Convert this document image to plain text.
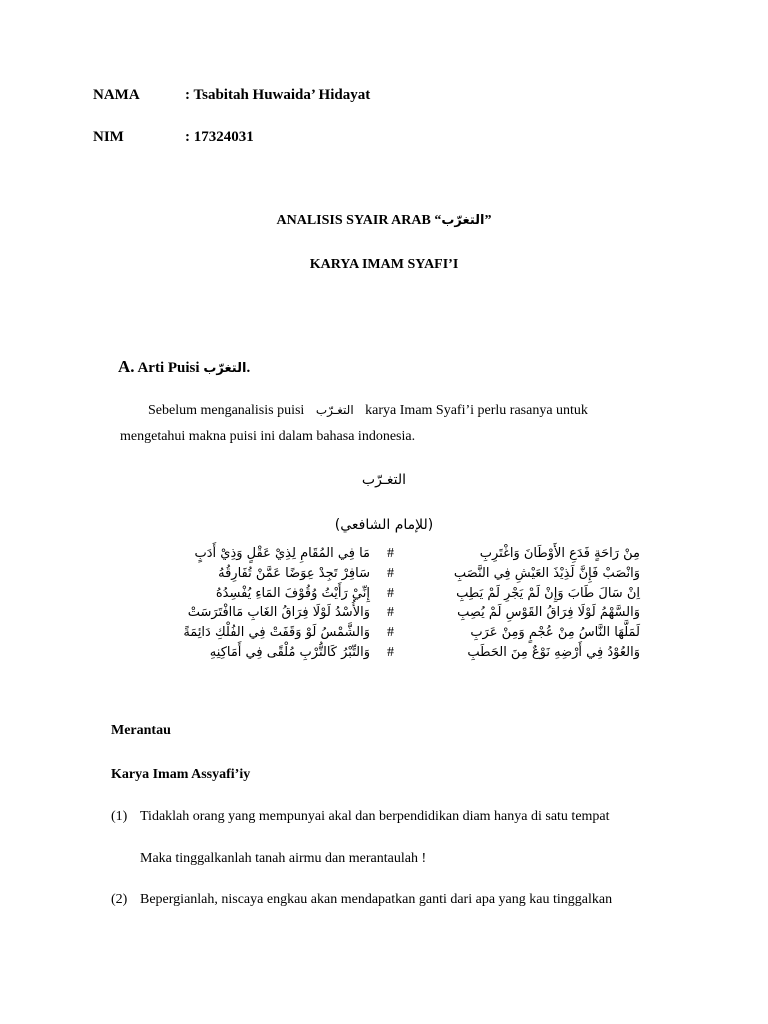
NAMA	: Tsabitah Huwaida’ Hidayat
NIM	: 17324031
ANALISIS SYAIR ARAB “التغرّب”
KARYA IMAM SYAFI’I
A. Arti Puisi التغرّب.
Sebelum menganalisis puisi التغـرّب karya Imam Syafi’i perlu rasanya untuk
mengetahui makna puisi ini dalam bahasa indonesia.
التغـرّب
(للإمام الشافعي)
مَا فِي المُقَامِ لِذِيْ عَقْلٍ وَذِيْ أَدَبٍ #	مِنْ رَاحَةٍ فَدَعِ الأَوْطَانَ وَاغْتَرِبِ
سَافِرْ تَجِدْ عِوَضًا عَمَّنْ تُفَارِقُهُ #	وَانْصَبْ فَإِنَّ لَذِيْذَ العَيْشِ فِي النَّصَبِ
إِنِّيْ رَأَيْتُ وُقُوْفَ المَاءِ يُفْسِدُهُ #	اِنْ سَالَ طَابَ وَإِنْ لَمْ يَجْرِ لَمْ يَطِبِ
وَالأُسْدُ لَوْلَا فِرَاقُ الغَابِ مَاافْتَرَسَتْ #	وَالسَّهْمُ لَوْلَا فِرَاقُ القَوْسِ لَمْ يُصِبِ
وَالشَّمْسُ لَوْ وَقَفَتْ فِي الفُلْكِ دَائِمَةً #	لَمَلَّهَا النَّاسُ مِنْ عُجْمٍ وَمِنْ عَرَبِ
وَالتِّبْرُ كَالتُّرْبِ مُلْقًى فِي أَمَاكِنِهِ #	وَالعُوْدُ فِي أَرْضِهِ نَوْعٌ مِنَ الحَطَبِ
Merantau
Karya Imam Assyafi’iy
(1) Tidaklah orang yang mempunyai akal dan berpendidikan diam hanya di satu tempat
Maka tinggalkanlah tanah airmu dan merantaulah !
(2) Bepergianlah, niscaya engkau akan mendapatkan ganti dari apa yang kau tinggalkan
